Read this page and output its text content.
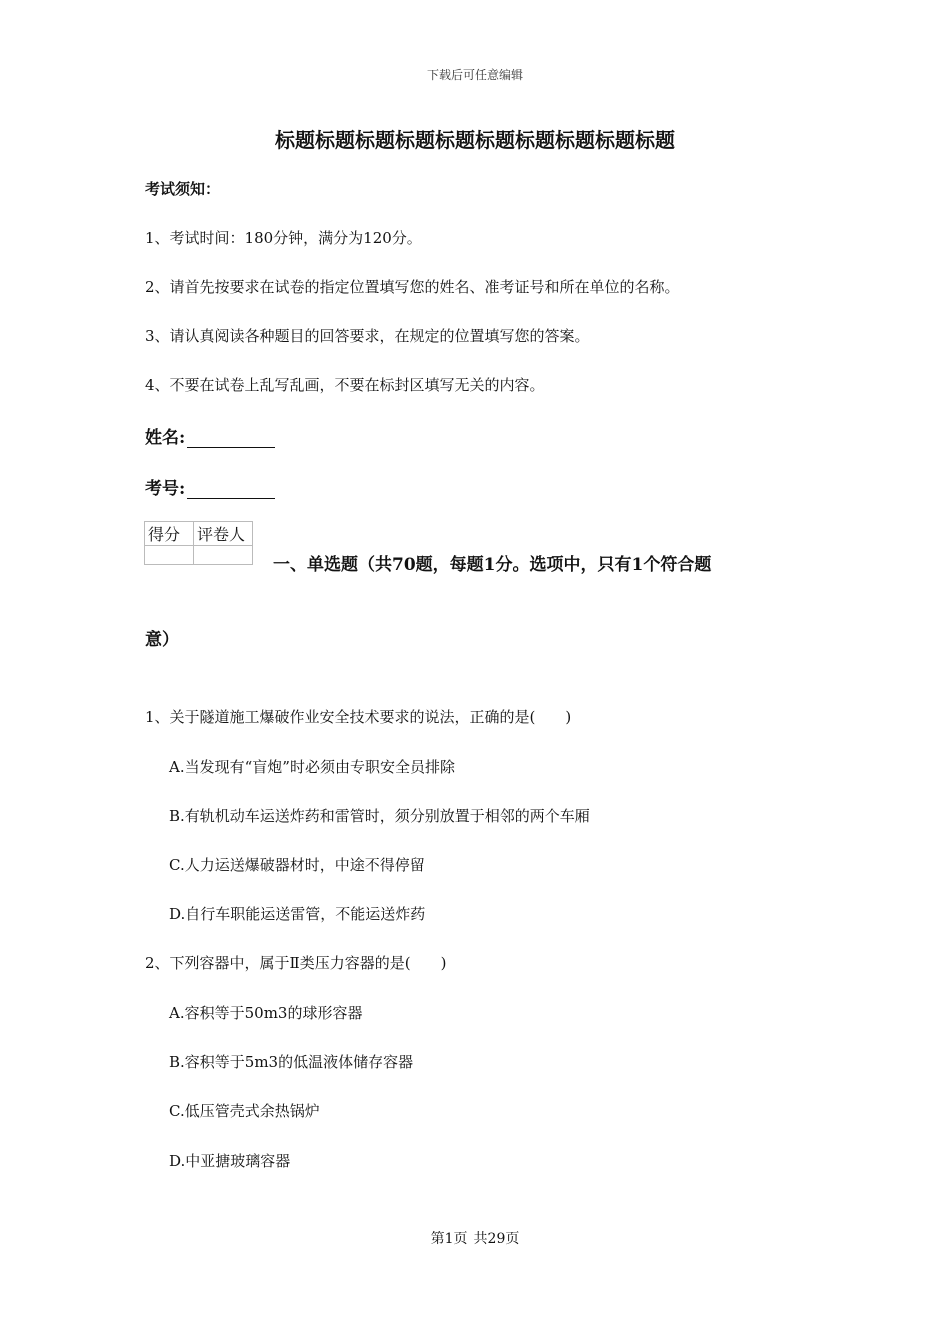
下载后可任意编辑
标题标题标题标题标题标题标题标题标题标题
考试须知：
1、考试时间：180分钟，满分为120分。
2、请首先按要求在试卷的指定位置填写您的姓名、准考证号和所在单位的名称。
3、请认真阅读各种题目的回答要求，在规定的位置填写您的答案。
4、不要在试卷上乱写乱画，不要在标封区填写无关的内容。
姓名:
考号:
得分	评卷人

一、单选题（共70题，每题1分。选项中，只有1个符合题
意）
1、关于隧道施工爆破作业安全技术要求的说法，正确的是(　　)
A.当发现有“盲炮”时必须由专职安全员排除
B.有轨机动车运送炸药和雷管时，须分别放置于相邻的两个车厢
C.人力运送爆破器材时，中途不得停留
D.自行车职能运送雷管，不能运送炸药
2、下列容器中，属于Ⅱ类压力容器的是(　　)
A.容积等于50m3的球形容器
B.容积等于5m3的低温液体储存容器
C.低压管壳式余热锅炉
D.中亚搪玻璃容器
第1页 共29页
